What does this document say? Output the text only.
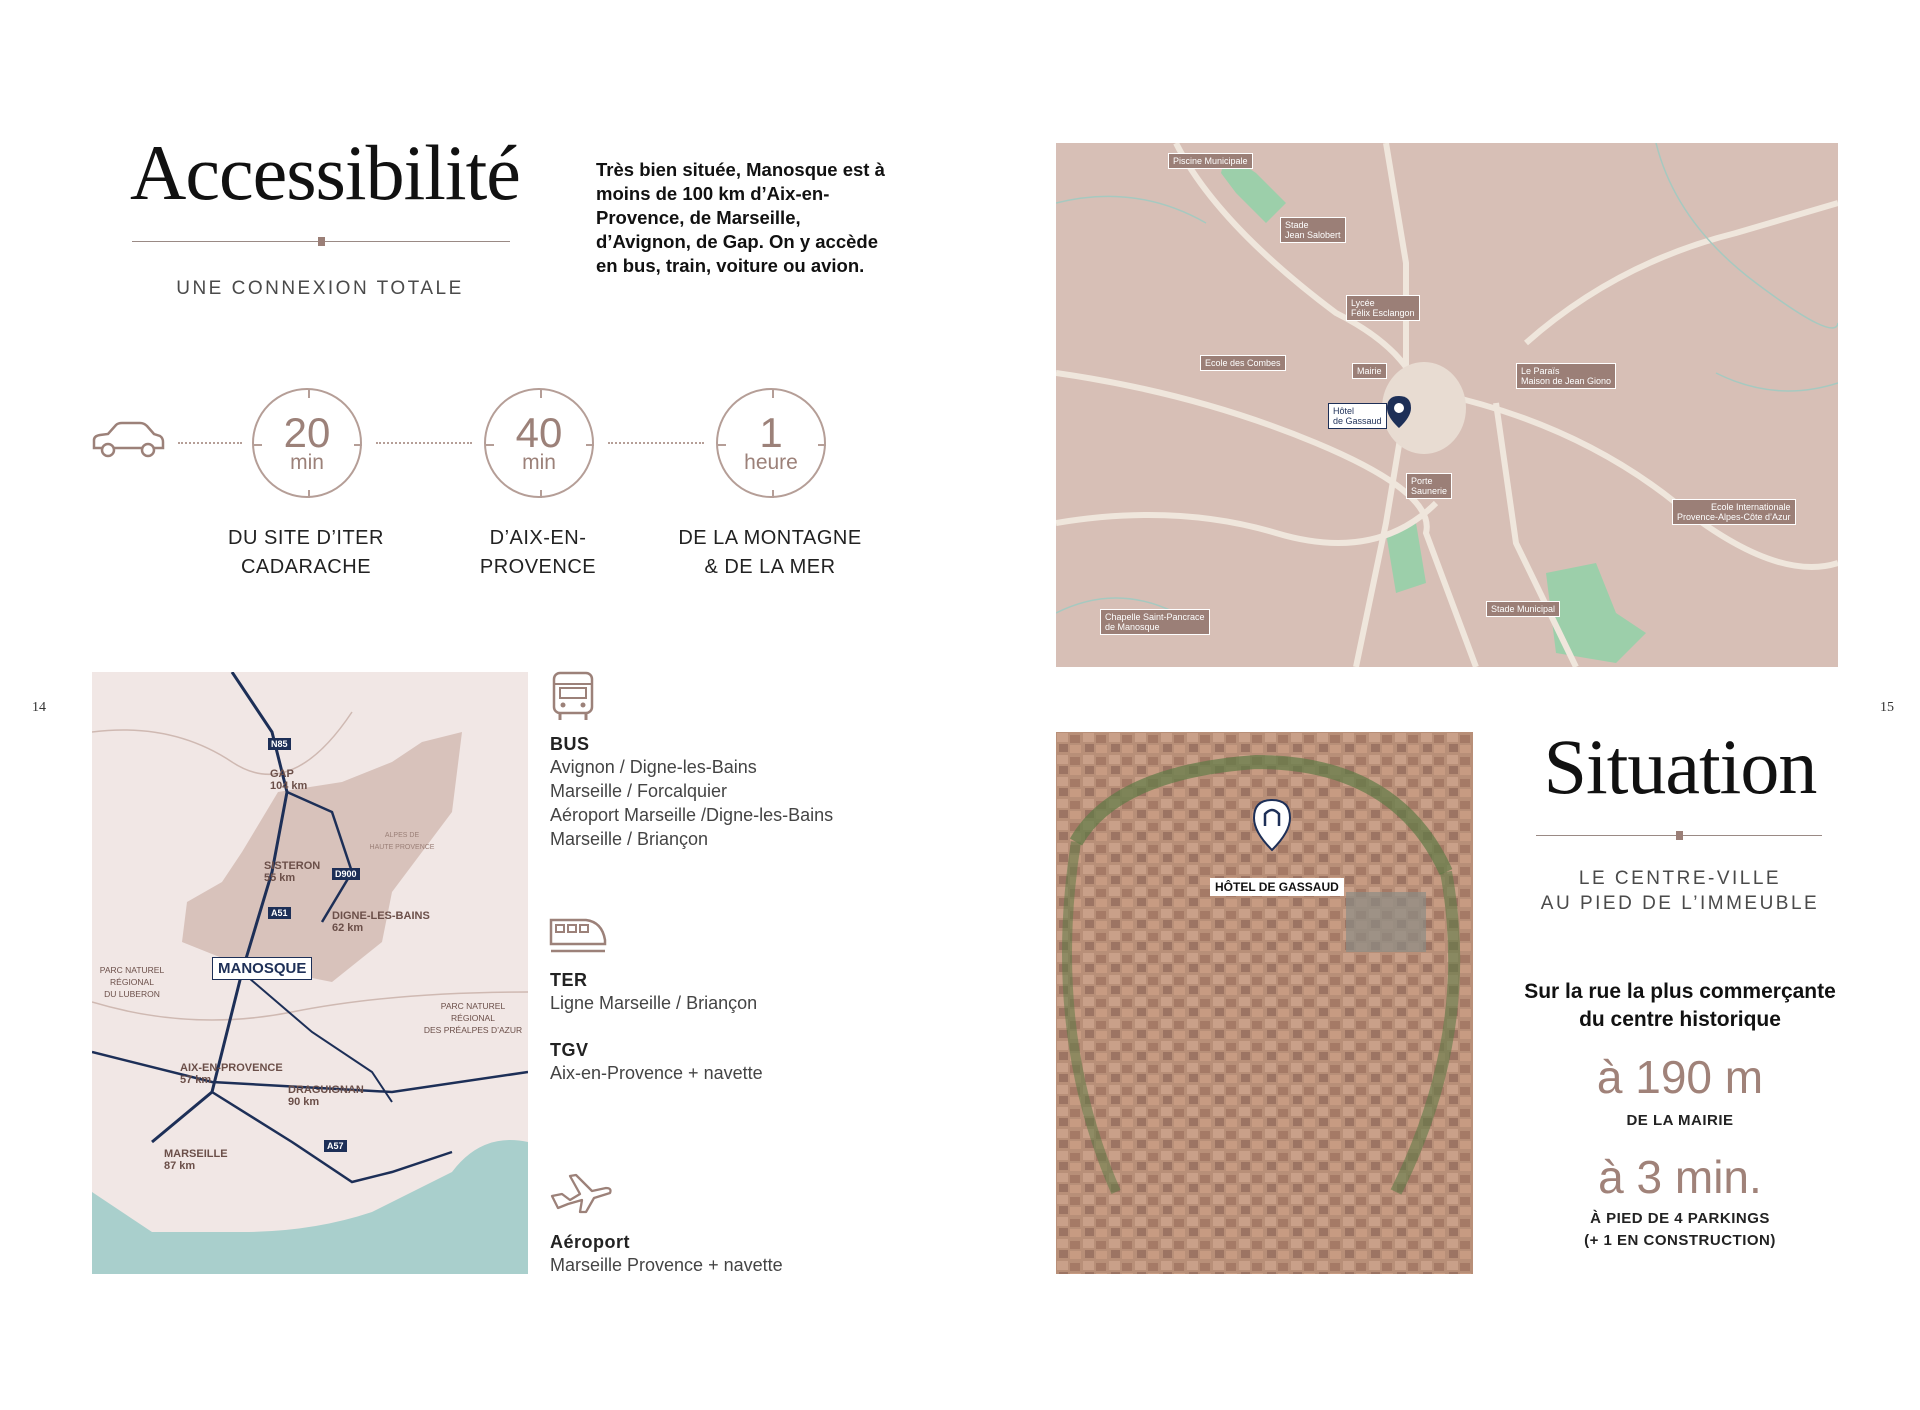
Accessibilité
UNE CONNEXION TOTALE
Très bien située, Manosque est à moins de 100 km d’Aix-en-Provence, de Marseille, d’Avignon, de Gap. On y accède en bus, train, voiture ou avion.
20
min
40
min
1
heure
DU SITE D’ITER
CADARACHE
D’AIX-EN-
PROVENCE
DE LA MONTAGNE
& DE LA MER
14
N85
D900
A51
A57
GAP
104 km
SISTERON
55 km
DIGNE-LES-BAINS
62 km
MANOSQUE
AIX-EN-PROVENCE
57 km
DRAGUIGNAN
90 km
MARSEILLE
87 km
PARC NATUREL
RÉGIONAL
DU LUBERON
PARC NATUREL
RÉGIONAL
DES PRÉALPES D’AZUR
ALPES DE
HAUTE PROVENCE
BUS
Avignon / Digne-les-Bains
Marseille / Forcalquier
Aéroport Marseille /Digne-les-Bains
Marseille / Briançon
TER
Ligne Marseille / Briançon
TGV
Aix-en-Provence + navette
Aéroport
Marseille Provence + navette
Piscine Municipale
Stade
Jean Salobert
Lycée
Félix Esclangon
Ecole des Combes
Mairie
Hôtel
de Gassaud
Porte
Saunerie
Le Paraïs
Maison de Jean Giono
Ecole Internationale
Provence-Alpes-Côte d’Azur
Chapelle Saint-Pancrace
de Manosque
Stade Municipal
HÔTEL DE GASSAUD
15
Situation
LE CENTRE-VILLE
AU PIED DE L’IMMEUBLE
Sur la rue la plus commerçante
du centre historique
à 190 m
DE LA MAIRIE
à 3 min.
À PIED DE 4 PARKINGS
(+ 1 EN CONSTRUCTION)
